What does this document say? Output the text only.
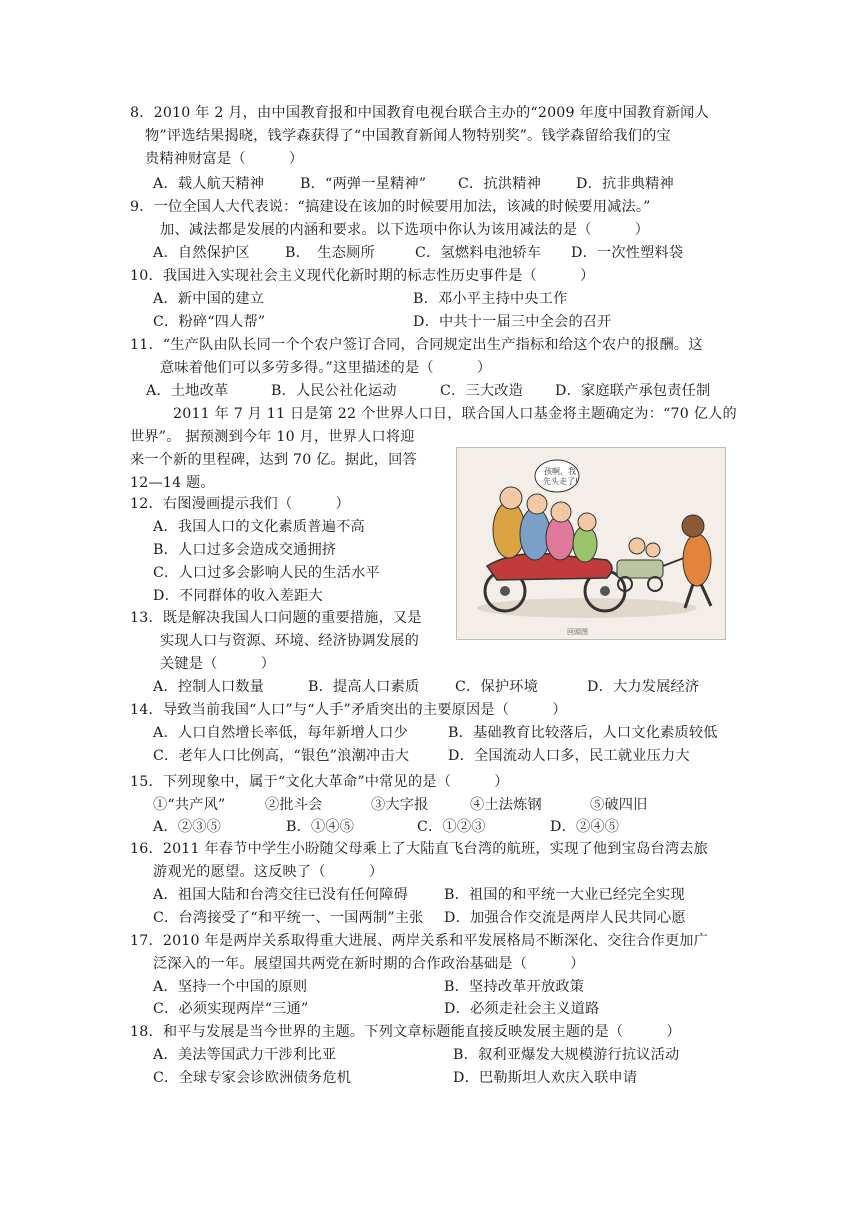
8．2010 年 2 月，由中国教育报和中国教育电视台联合主办的“2009 年度中国教育新闻人
物”评选结果揭晓，钱学森获得了“中国教育新闻人物特别奖”。钱学森留给我们的宝
贵精神财富是（　　　）
A．载人航天精神	B．“两弹一星精神” C．抗洪精神 D．抗非典精神
9．一位全国人大代表说：“搞建设在该加的时候要用加法，该减的时候要用减法。”
加、减法都是发展的内涵和要求。以下选项中你认为该用减法的是（　　　）
A．自然保护区 B．　生态厕所	C．氢燃料电池轿车 D．一次性塑料袋
10．我国进入实现社会主义现代化新时期的标志性历史事件是（　　　）
A．新中国的建立	B．邓小平主持中央工作
C．粉碎“四人帮”	D．中共十一届三中全会的召开
11．“生产队由队长同一个个农户签订合同，合同规定出生产指标和给这个农户的报酬。这
意味着他们可以多劳多得。”这里描述的是（　　　）
A．土地改革	B．人民公社化运动	C．三大改造 D．家庭联产承包责任制
2011 年 7 月 11 日是第 22 个世界人口日，联合国人口基金将主题确定为：“70 亿人的
世界”。 据预测到今年 10 月，世界人口将迎
来一个新的里程碑，达到 70 亿。据此，回答
12—14 题。
12．右图漫画提示我们（　　　）
A．我国人口的文化素质普遍不高
B．人口过多会造成交通拥挤
C．人口过多会影响人民的生活水平
D．不同群体的收入差距大
13．既是解决我国人口问题的重要措施，又是
实现人口与资源、环境、经济协调发展的
关键是（　　　）
A．控制人口数量	B．提高人口素质	C．保护环境	D．大力发展经济
14．导致当前我国“人口”与“人手”矛盾突出的主要原因是（　　　）
A．人口自然增长率低，每年新增人口少	B．基础教育比较落后，人口文化素质较低
C．老年人口比例高，“银色”浪潮冲击大	D．全国流动人口多，民工就业压力大
15．下列现象中，属于“文化大革命”中常见的是（　　　）
①“共产风”	②批斗会	③大字报	④土法炼钢	⑤破四旧
A．②③⑤	B．①④⑤	C．①②③	D．②④⑤
16．2011 年春节中学生小盼随父母乘上了大陆直飞台湾的航班，实现了他到宝岛台湾去旅
游观光的愿望。这反映了（　　　）
A．祖国大陆和台湾交往已没有任何障碍	B．祖国的和平统一大业已经完全实现
C．台湾接受了“和平统一、一国两制”主张 D．加强合作交流是两岸人民共同心愿
17．2010 年是两岸关系取得重大进展、两岸关系和平发展格局不断深化、交往合作更加广
泛深入的一年。展望国共两党在新时期的合作政治基础是（　　　）
A．坚持一个中国的原则	B．坚持改革开放政策
C．必须实现两岸“三通”	D．必须走社会主义道路
18．和平与发展是当今世界的主题。下列文章标题能直接反映发展主题的是（　　　）
A．美法等国武力干涉利比亚	B．叙利亚爆发大规模游行抗议活动
C．全球专家会诊欧洲债务危机	D．巴勒斯坦人欢庆入联申请
孩啊，我
先头走了!
回頭图
